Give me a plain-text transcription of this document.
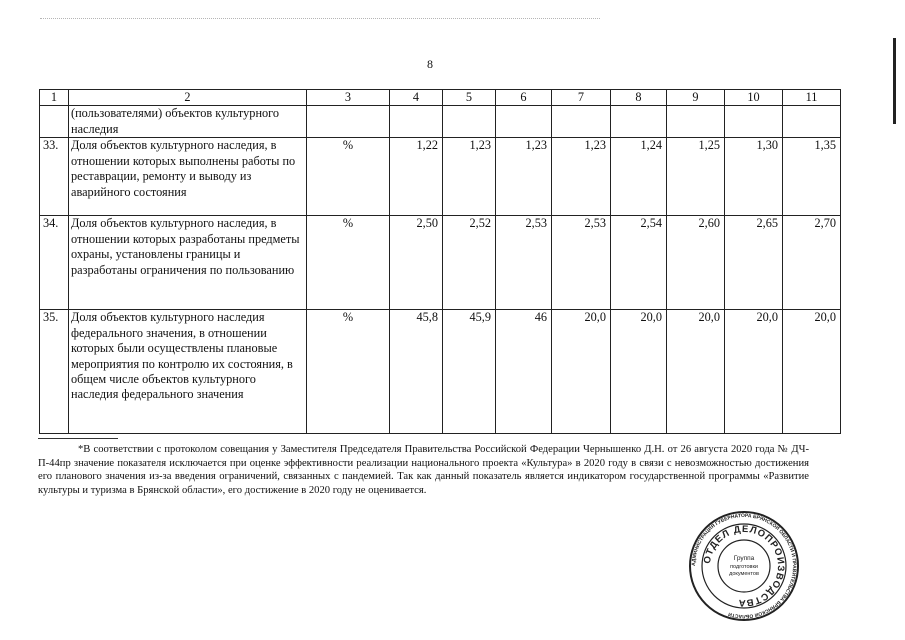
8
1	2	3	4	5	6	7	8	9	10	11
	(пользователями) объектов культурного наследия									
33.	Доля объектов культурного наследия, в отношении которых выполнены работы по реставрации, ремонту и выводу из аварийного состояния	%	1,22	1,23	1,23	1,23	1,24	1,25	1,30	1,35
34.	Доля объектов культурного наследия, в отношении которых разработаны предметы охраны, установлены границы и разработаны ограничения по пользованию	%	2,50	2,52	2,53	2,53	2,54	2,60	2,65	2,70
35.	Доля объектов культурного наследия федерального значения, в отношении которых были осуществлены плановые мероприятия по контролю их состояния, в общем числе объектов культурного наследия федерального значения	%	45,8	45,9	46	20,0	20,0	20,0	20,0	20,0
*В соответствии с протоколом совещания у Заместителя Председателя Правительства Российской Федерации Чернышенко Д.Н. от 26 августа 2020 года № ДЧ-П-44пр значение показателя исключается при оценке эффективности реализации национального проекта «Культура» в 2020 году в связи с невозможностью достижения его планового значения из-за введения ограничений, связанных с пандемией. Так как данный показатель является индикатором государственной программы «Развитие культуры и туризма в Брянской области», его достижение в 2020 году не оценивается.
АДМИНИСТРАЦИЯ ГУБЕРНАТОРА БРЯНСКОЙ ОБЛАСТИ И ПРАВИТЕЛЬСТВА БРЯНСКОЙ ОБЛАСТИ
ОТДЕЛ ДЕЛОПРОИЗВОДСТВА
Группа
подготовки
документов
